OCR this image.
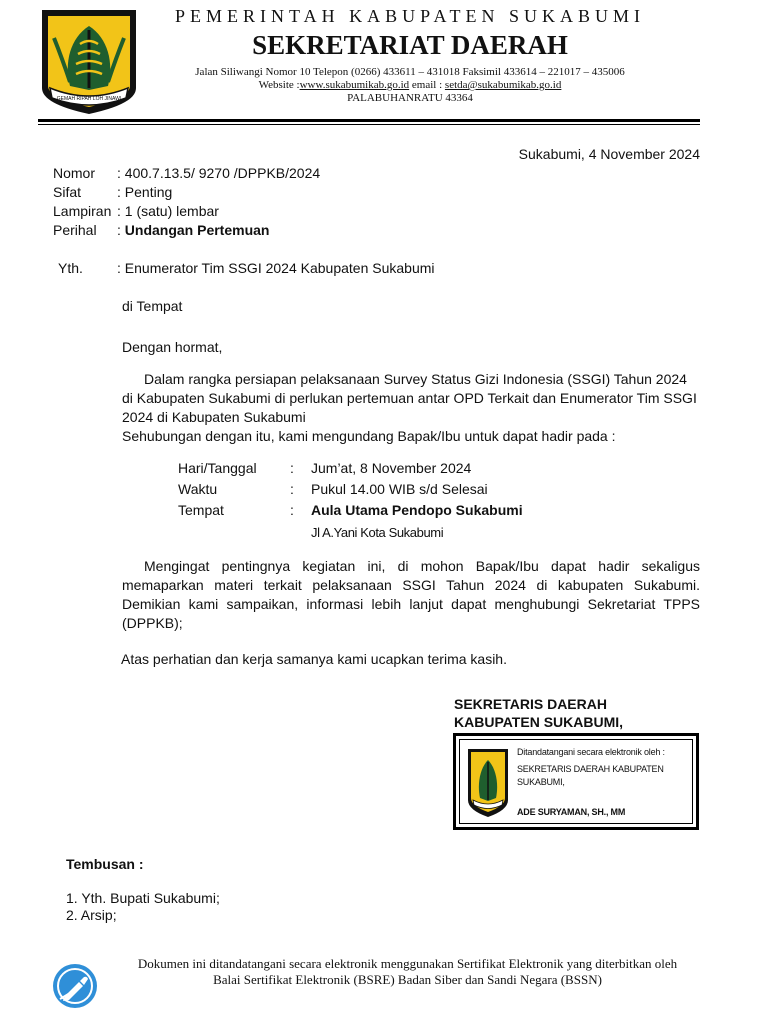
GEMAH RIPAH LOH JINAWI
PEMERINTAH KABUPATEN SUKABUMI
SEKRETARIAT DAERAH
Jalan Siliwangi Nomor 10 Telepon (0266) 433611 – 431018 Faksimil 433614 – 221017 – 435006
Website :www.sukabumikab.go.id email : setda@sukabumikab.go.id
PALABUHANRATU 43364
Sukabumi, 4 November 2024
Nomor	: 400.7.13.5/ 9270 /DPPKB/2024
Sifat	: Penting
Lampiran : 1 (satu) lembar
Perihal	: Undangan Pertemuan
Yth. : Enumerator Tim SSGI 2024 Kabupaten Sukabumi
di Tempat
Dengan hormat,
Dalam rangka persiapan pelaksanaan Survey Status Gizi Indonesia (SSGI) Tahun 2024
di Kabupaten Sukabumi di perlukan pertemuan antar OPD Terkait dan Enumerator Tim SSGI
2024 di Kabupaten Sukabumi
Sehubungan dengan itu, kami mengundang Bapak/Ibu untuk dapat hadir pada :
Hari/Tanggal : Jum’at, 8 November 2024
Waktu	: Pukul 14.00 WIB s/d Selesai
Tempat	: Aula Utama Pendopo Sukabumi
Jl A.Yani Kota Sukabumi
Mengingat pentingnya kegiatan ini, di mohon Bapak/Ibu dapat hadir sekaligus memaparkan materi terkait pelaksanaan SSGI Tahun 2024 di kabupaten Sukabumi. Demikian kami sampaikan, informasi lebih lanjut dapat menghubungi Sekretariat TPPS (DPPKB);
Atas perhatian dan kerja samanya kami ucapkan terima kasih.
SEKRETARIS DAERAH
KABUPATEN SUKABUMI,
Ditandatangani secara elektronik oleh :
SEKRETARIS DAERAH KABUPATEN SUKABUMI,
ADE SURYAMAN, SH., MM
Tembusan :
1. Yth. Bupati Sukabumi;
2. Arsip;
Dokumen ini ditandatangani secara elektronik menggunakan Sertifikat Elektronik yang diterbitkan oleh
Balai Sertifikat Elektronik (BSRE) Badan Siber dan Sandi Negara (BSSN)
